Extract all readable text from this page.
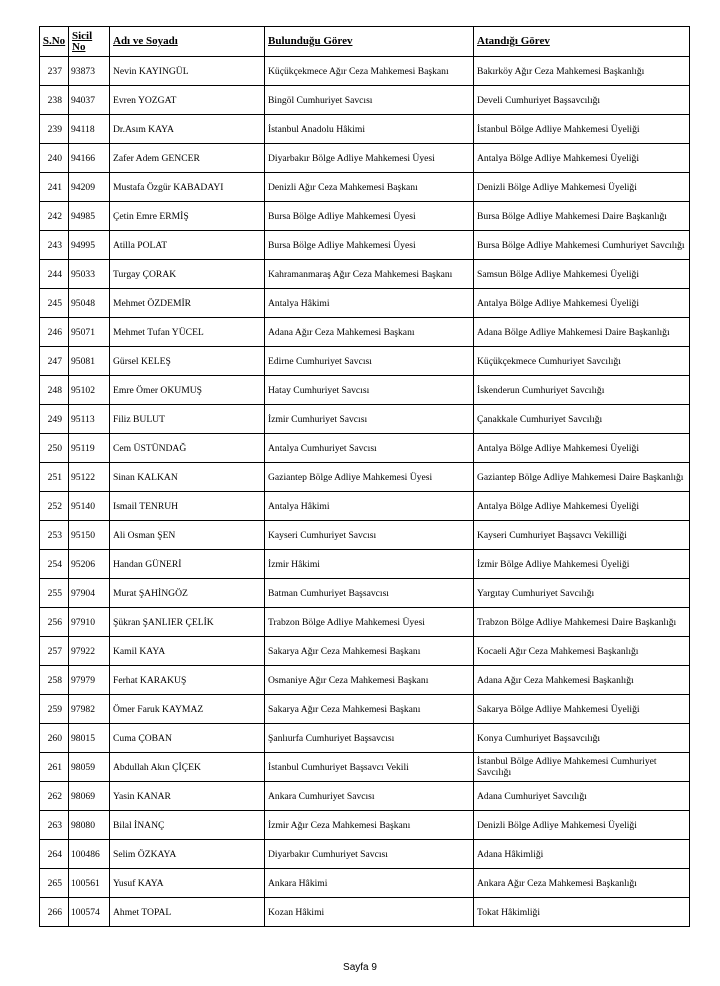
S.No	Sicil No	Adı ve Soyadı	Bulunduğu Görev	Atandığı Görev
237	93873	Nevin KAYINGÜL	Küçükçekmece Ağır Ceza Mahkemesi Başkanı	Bakırköy Ağır Ceza Mahkemesi Başkanlığı
238	94037	Evren YOZGAT	Bingöl Cumhuriyet Savcısı	Develi Cumhuriyet Başsavcılığı
239	94118	Dr.Asım KAYA	İstanbul Anadolu Hâkimi	İstanbul Bölge Adliye Mahkemesi Üyeliği
240	94166	Zafer Adem GENCER	Diyarbakır Bölge Adliye Mahkemesi Üyesi	Antalya Bölge Adliye Mahkemesi Üyeliği
241	94209	Mustafa Özgür KABADAYI	Denizli Ağır Ceza Mahkemesi Başkanı	Denizli Bölge Adliye Mahkemesi Üyeliği
242	94985	Çetin Emre ERMİŞ	Bursa Bölge Adliye Mahkemesi Üyesi	Bursa Bölge Adliye Mahkemesi Daire Başkanlığı
243	94995	Atilla POLAT	Bursa Bölge Adliye Mahkemesi Üyesi	Bursa Bölge Adliye Mahkemesi Cumhuriyet Savcılığı
244	95033	Turgay ÇORAK	Kahramanmaraş Ağır Ceza Mahkemesi Başkanı	Samsun Bölge Adliye Mahkemesi Üyeliği
245	95048	Mehmet ÖZDEMİR	Antalya Hâkimi	Antalya Bölge Adliye Mahkemesi Üyeliği
246	95071	Mehmet Tufan YÜCEL	Adana Ağır Ceza Mahkemesi Başkanı	Adana Bölge Adliye Mahkemesi Daire Başkanlığı
247	95081	Gürsel KELEŞ	Edirne Cumhuriyet Savcısı	Küçükçekmece Cumhuriyet Savcılığı
248	95102	Emre Ömer OKUMUŞ	Hatay Cumhuriyet Savcısı	İskenderun Cumhuriyet Savcılığı
249	95113	Filiz BULUT	İzmir Cumhuriyet Savcısı	Çanakkale Cumhuriyet Savcılığı
250	95119	Cem ÜSTÜNDAĞ	Antalya Cumhuriyet Savcısı	Antalya Bölge Adliye Mahkemesi Üyeliği
251	95122	Sinan KALKAN	Gaziantep Bölge Adliye Mahkemesi Üyesi	Gaziantep Bölge Adliye Mahkemesi Daire Başkanlığı
252	95140	Ismail TENRUH	Antalya Hâkimi	Antalya Bölge Adliye Mahkemesi Üyeliği
253	95150	Ali Osman ŞEN	Kayseri Cumhuriyet Savcısı	Kayseri Cumhuriyet Başsavcı Vekilliği
254	95206	Handan GÜNERİ	İzmir Hâkimi	İzmir Bölge Adliye Mahkemesi Üyeliği
255	97904	Murat ŞAHİNGÖZ	Batman Cumhuriyet Başsavcısı	Yargıtay Cumhuriyet Savcılığı
256	97910	Şükran ŞANLIER ÇELİK	Trabzon Bölge Adliye Mahkemesi Üyesi	Trabzon Bölge Adliye Mahkemesi Daire Başkanlığı
257	97922	Kamil KAYA	Sakarya Ağır Ceza Mahkemesi Başkanı	Kocaeli Ağır Ceza Mahkemesi Başkanlığı
258	97979	Ferhat KARAKUŞ	Osmaniye Ağır Ceza Mahkemesi Başkanı	Adana Ağır Ceza Mahkemesi Başkanlığı
259	97982	Ömer Faruk KAYMAZ	Sakarya Ağır Ceza Mahkemesi Başkanı	Sakarya Bölge Adliye Mahkemesi Üyeliği
260	98015	Cuma ÇOBAN	Şanlıurfa Cumhuriyet Başsavcısı	Konya Cumhuriyet Başsavcılığı
261	98059	Abdullah Akın ÇİÇEK	İstanbul Cumhuriyet Başsavcı Vekili	İstanbul Bölge Adliye Mahkemesi Cumhuriyet Savcılığı
262	98069	Yasin KANAR	Ankara Cumhuriyet Savcısı	Adana Cumhuriyet Savcılığı
263	98080	Bilal İNANÇ	İzmir Ağır Ceza Mahkemesi Başkanı	Denizli Bölge Adliye Mahkemesi Üyeliği
264	100486	Selim ÖZKAYA	Diyarbakır Cumhuriyet Savcısı	Adana Hâkimliği
265	100561	Yusuf KAYA	Ankara Hâkimi	Ankara Ağır Ceza Mahkemesi Başkanlığı
266	100574	Ahmet TOPAL	Kozan Hâkimi	Tokat Hâkimliği
Sayfa 9
